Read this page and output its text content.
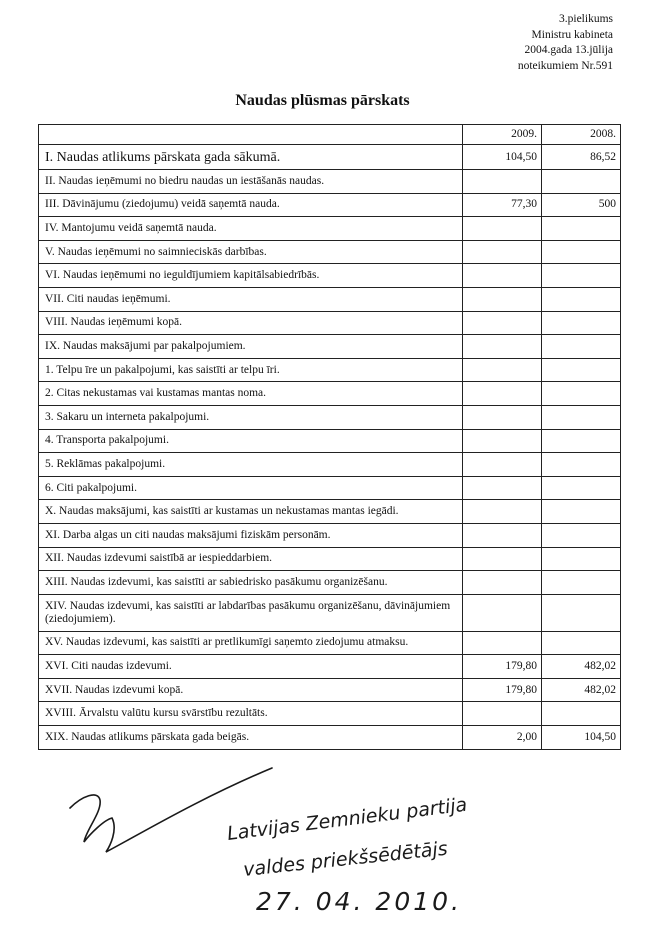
3.pielikums
Ministru kabineta
2004.gada 13.jūlija
noteikumiem Nr.591
Naudas plūsmas pārskats
	2009.	2008.
I. Naudas atlikums pārskata gada sākumā.	104,50	86,52
II. Naudas ieņēmumi no biedru naudas un iestāšanās naudas.		
III. Dāvinājumu (ziedojumu) veidā saņemtā nauda.	77,30	500
IV. Mantojumu veidā saņemtā nauda.		
V. Naudas ieņēmumi no saimnieciskās darbības.		
VI. Naudas ieņēmumi no ieguldījumiem kapitālsabiedrībās.		
VII. Citi naudas ieņēmumi.		
VIII. Naudas ieņēmumi kopā.		
IX. Naudas maksājumi par pakalpojumiem.		
1. Telpu īre un pakalpojumi, kas saistīti ar telpu īri.		
2. Citas nekustamas vai kustamas mantas noma.		
3. Sakaru un interneta pakalpojumi.		
4. Transporta pakalpojumi.		
5. Reklāmas pakalpojumi.		
6. Citi pakalpojumi.		
X. Naudas maksājumi, kas saistīti ar kustamas un nekustamas mantas iegādi.		
XI. Darba algas un citi naudas maksājumi fiziskām personām.		
XII. Naudas izdevumi saistībā ar iespieddarbiem.		
XIII. Naudas izdevumi, kas saistīti ar sabiedrisko pasākumu organizēšanu.		
XIV. Naudas izdevumi, kas saistīti ar labdarības pasākumu organizēšanu, dāvinājumiem (ziedojumiem).		
XV. Naudas izdevumi, kas saistīti ar pretlikumīgi saņemto ziedojumu atmaksu.		
XVI. Citi naudas izdevumi.	179,80	482,02
XVII. Naudas izdevumi kopā.	179,80	482,02
XVIII. Ārvalstu valūtu kursu svārstību rezultāts.		
XIX. Naudas atlikums pārskata gada beigās.	2,00	104,50
Latvijas Zemnieku partija
valdes priekšsēdētājs
27. 04. 2010.
